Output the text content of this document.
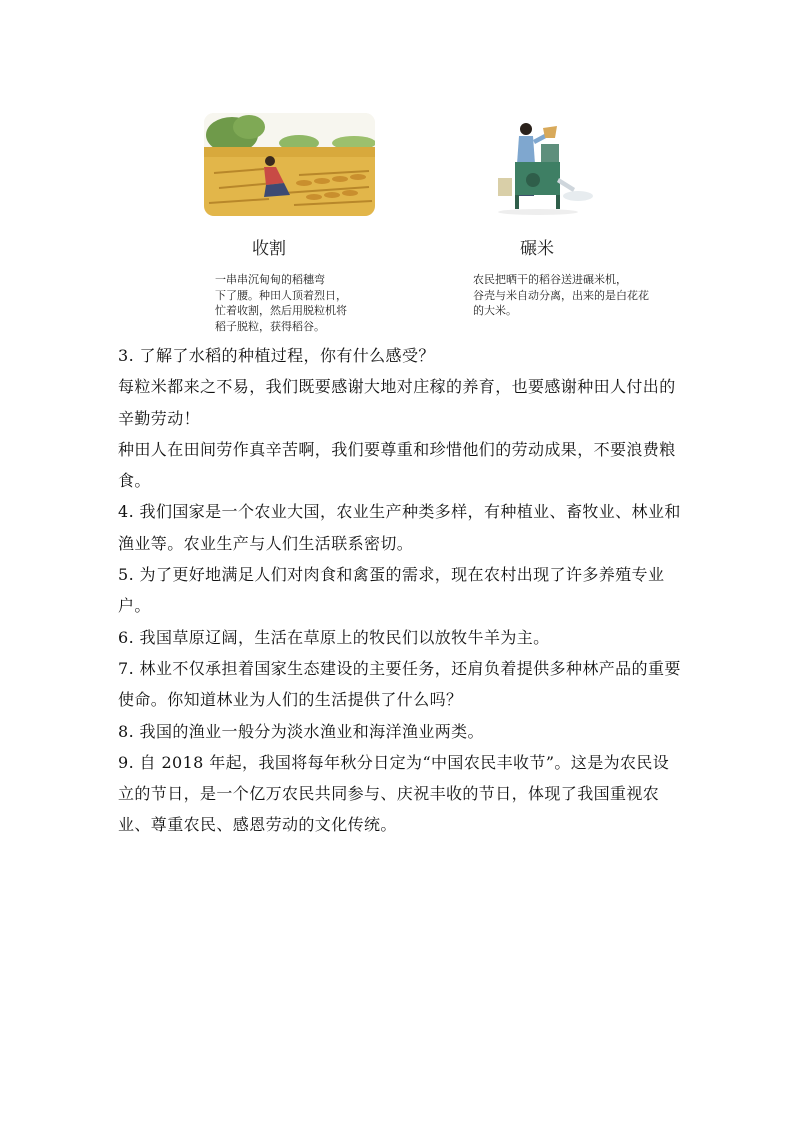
收割	碾米
一串串沉甸甸的稻穗弯
下了腰。种田人顶着烈日，
忙着收割，然后用脱粒机将
稻子脱粒，获得稻谷。
农民把晒干的稻谷送进碾米机，
谷壳与米自动分离，出来的是白花花
的大米。

3. 了解了水稻的种植过程，你有什么感受？

每粒米都来之不易，我们既要感谢大地对庄稼的养育，也要感谢种田人付出的辛勤劳动！

种田人在田间劳作真辛苦啊，我们要尊重和珍惜他们的劳动成果，不要浪费粮食。

4. 我们国家是一个农业大国，农业生产种类多样，有种植业、畜牧业、林业和渔业等。农业生产与人们生活联系密切。

5. 为了更好地满足人们对肉食和禽蛋的需求，现在农村出现了许多养殖专业户。

6. 我国草原辽阔，生活在草原上的牧民们以放牧牛羊为主。

7. 林业不仅承担着国家生态建设的主要任务，还肩负着提供多种林产品的重要使命。你知道林业为人们的生活提供了什么吗？

8. 我国的渔业一般分为淡水渔业和海洋渔业两类。

9. 自 2018 年起，我国将每年秋分日定为“中国农民丰收节”。这是为农民设立的节日，是一个亿万农民共同参与、庆祝丰收的节日，体现了我国重视农业、尊重农民、感恩劳动的文化传统。
